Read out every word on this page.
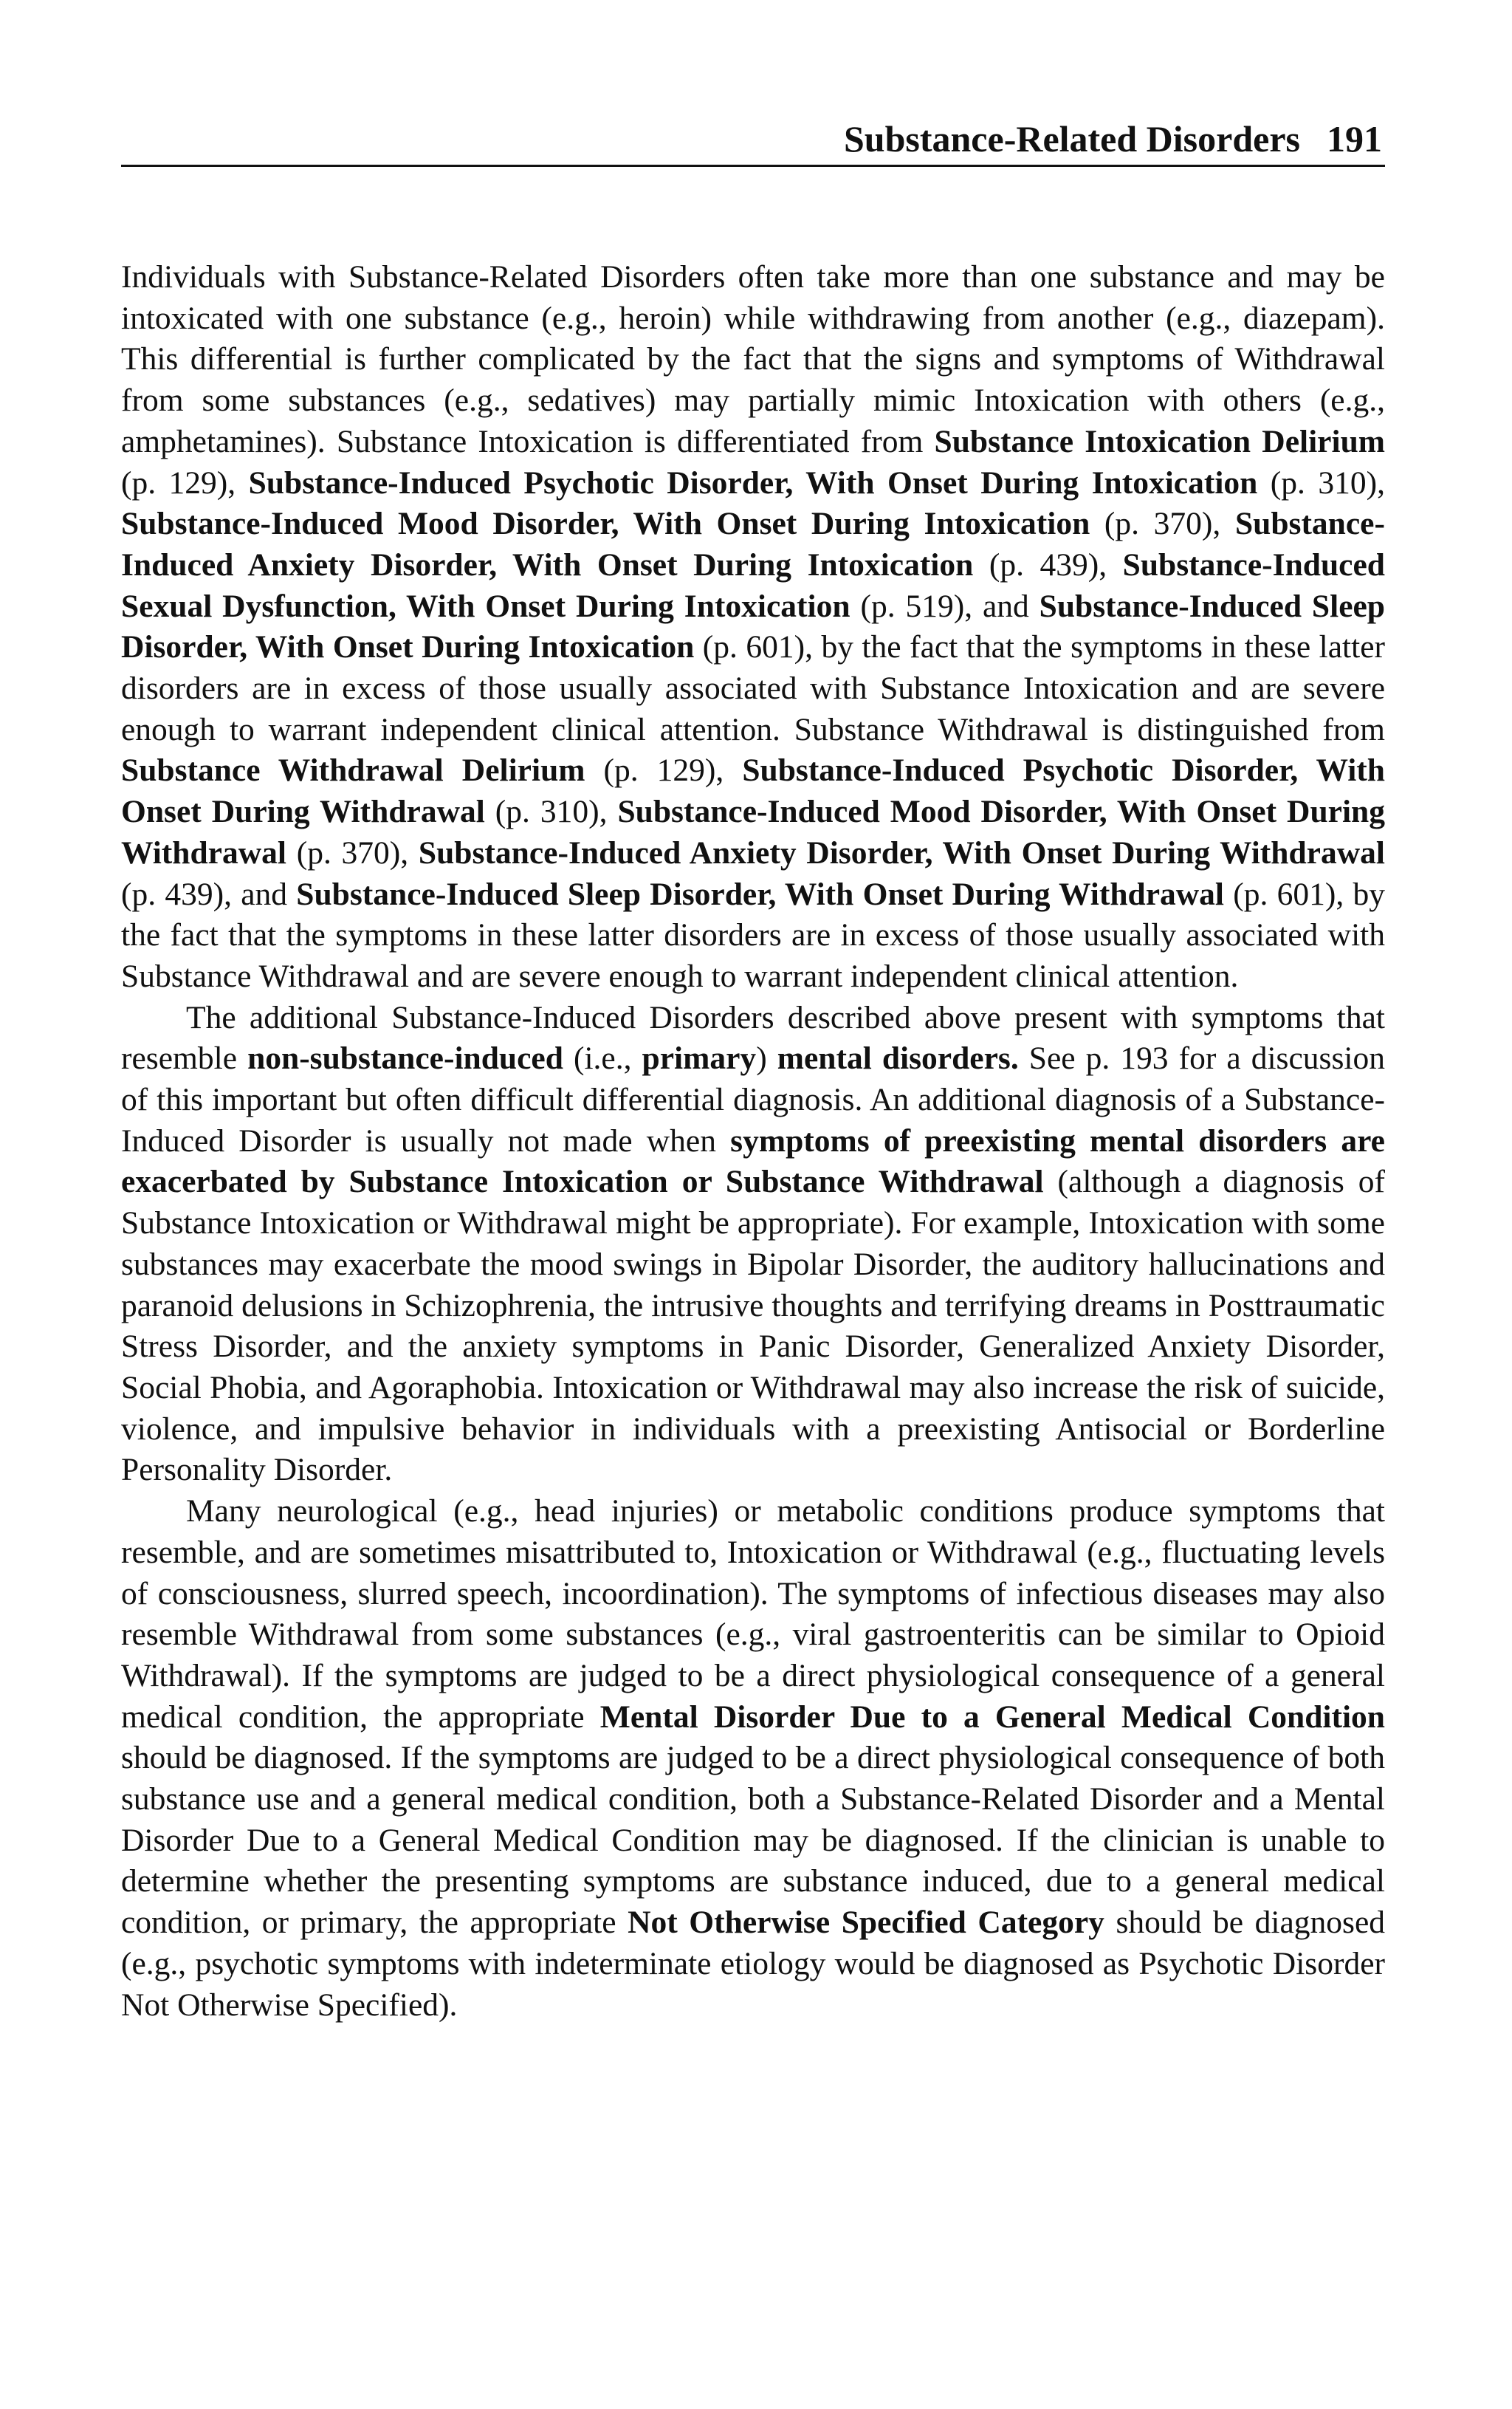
Substance-Related Disorders 191

Individuals with Substance-Related Disorders often take more than one substance and may be intoxicated with one substance (e.g., heroin) while withdrawing from another (e.g., diazepam). This differential is further complicated by the fact that the signs and symptoms of Withdrawal from some substances (e.g., sedatives) may partially mimic Intoxication with others (e.g., amphetamines). Substance Intoxication is differentiated from Substance Intoxication Delirium (p. 129), Substance-Induced Psychotic Disorder, With Onset During Intoxication (p. 310), Substance-Induced Mood Disorder, With Onset During Intoxication (p. 370), Substance-Induced Anxiety Disorder, With Onset During Intoxication (p. 439), Substance-Induced Sexual Dysfunction, With Onset During Intoxication (p. 519), and Substance-Induced Sleep Disorder, With Onset During Intoxication (p. 601), by the fact that the symptoms in these latter disorders are in excess of those usually associated with Substance Intoxication and are severe enough to warrant independent clinical attention. Substance Withdrawal is distinguished from Substance Withdrawal Delirium (p. 129), Substance-Induced Psychotic Disorder, With Onset During Withdrawal (p. 310), Substance-Induced Mood Disorder, With Onset During Withdrawal (p. 370), Substance-Induced Anxiety Disorder, With Onset During Withdrawal (p. 439), and Substance-Induced Sleep Disorder, With Onset During Withdrawal (p. 601), by the fact that the symptoms in these latter disorders are in excess of those usually associated with Substance Withdrawal and are severe enough to warrant independent clinical attention.

The additional Substance-Induced Disorders described above present with symptoms that resemble non-substance-induced (i.e., primary) mental disorders. See p. 193 for a discussion of this important but often difficult differential diagnosis. An additional diagnosis of a Substance-Induced Disorder is usually not made when symptoms of preexisting mental disorders are exacerbated by Substance Intoxication or Substance Withdrawal (although a diagnosis of Substance Intoxication or Withdrawal might be appropriate). For example, Intoxication with some substances may exacerbate the mood swings in Bipolar Disorder, the auditory hallucinations and paranoid delusions in Schizophrenia, the intrusive thoughts and terrifying dreams in Posttraumatic Stress Disorder, and the anxiety symptoms in Panic Disorder, Generalized Anxiety Disorder, Social Phobia, and Agoraphobia. Intoxication or Withdrawal may also increase the risk of suicide, violence, and impulsive behavior in individuals with a preexisting Antisocial or Borderline Personality Disorder.

Many neurological (e.g., head injuries) or metabolic conditions produce symptoms that resemble, and are sometimes misattributed to, Intoxication or Withdrawal (e.g., fluctuating levels of consciousness, slurred speech, incoordination). The symptoms of infectious diseases may also resemble Withdrawal from some substances (e.g., viral gastroenteritis can be similar to Opioid Withdrawal). If the symptoms are judged to be a direct physiological consequence of a general medical condition, the appropriate Mental Disorder Due to a General Medical Condition should be diagnosed. If the symptoms are judged to be a direct physiological consequence of both substance use and a general medical condition, both a Substance-Related Disorder and a Mental Disorder Due to a General Medical Condition may be diagnosed. If the clinician is unable to determine whether the presenting symptoms are substance induced, due to a general medical condition, or primary, the appropriate Not Otherwise Specified Category should be diagnosed (e.g., psychotic symptoms with indeterminate etiology would be diagnosed as Psychotic Disorder Not Otherwise Specified).
